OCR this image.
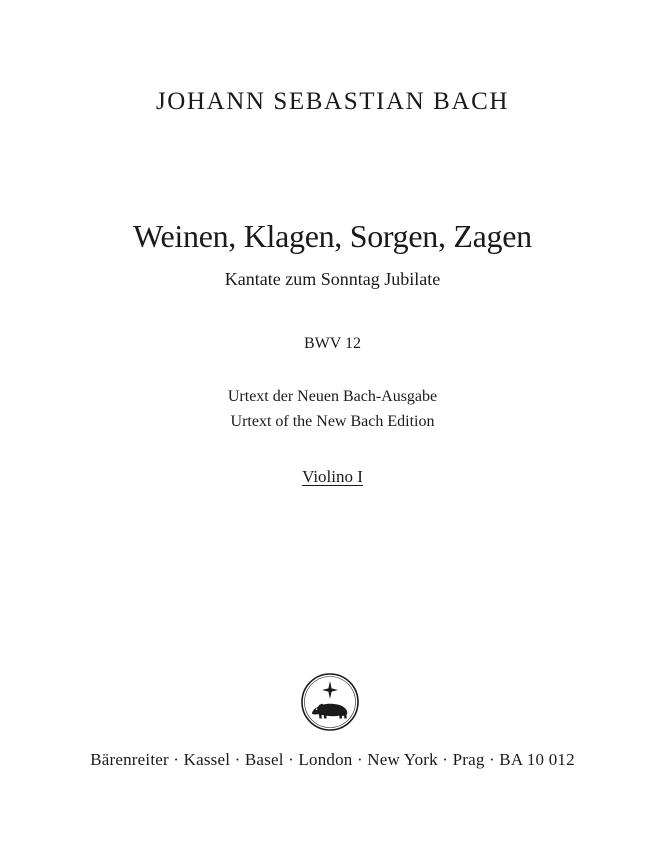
JOHANN SEBASTIAN BACH
Weinen, Klagen, Sorgen, Zagen
Kantate zum Sonntag Jubilate
BWV 12
Urtext der Neuen Bach-Ausgabe
Urtext of the New Bach Edition
Violino I
Bärenreiter · Kassel · Basel · London · New York · Prag · BA 10 012
